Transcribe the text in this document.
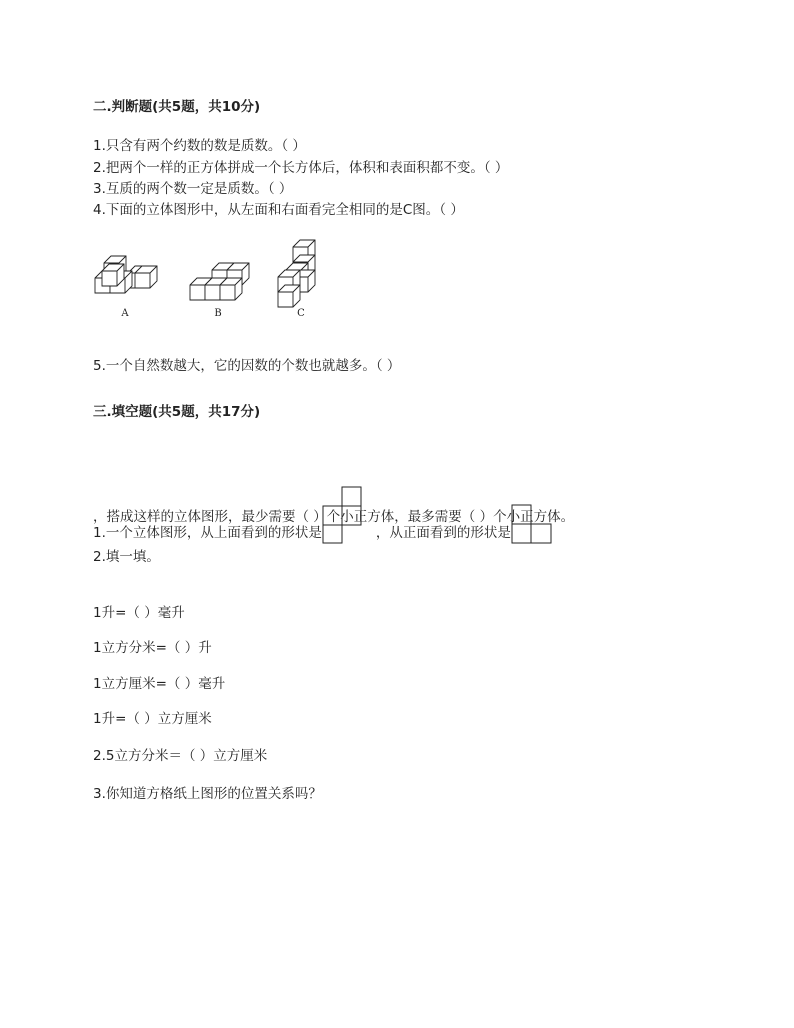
二.判断题(共5题，共10分)
1.只含有两个约数的数是质数。（ ）
2.把两个一样的正方体拼成一个长方体后，体积和表面积都不变。（ ）
3.互质的两个数一定是质数。（ ）
4.下面的立体图形中，从左面和右面看完全相同的是C图。（ ）
A	B	C
5.一个自然数越大，它的因数的个数也就越多。（ ）
三.填空题(共5题，共17分)
1.一个立体图形，从上面看到的形状是	，从正面看到的形状是
，搭成这样的立体图形，最少需要（ ）个小正方体，最多需要（ ）个小正方体。
2.填一填。
1升=（ ）毫升
1立方分米=（ ）升
1立方厘米=（ ）毫升
1升=（ ）立方厘米
2.5立方分米＝（ ）立方厘米
3.你知道方格纸上图形的位置关系吗？
